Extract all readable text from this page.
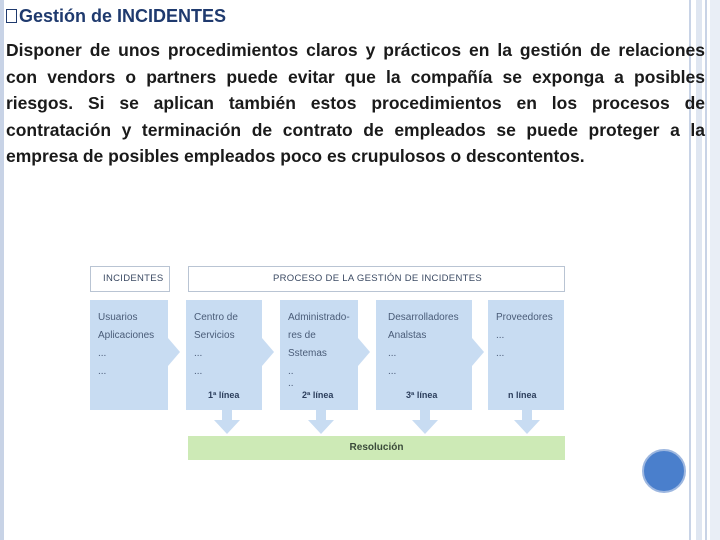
Gestión de INCIDENTES
Disponer de unos procedimientos claros y prácticos en la gestión de relaciones con vendors o partners puede evitar que la compañía se exponga a posibles riesgos. Si se aplican también estos procedimientos en los procesos de contratación y terminación de contrato de empleados se puede proteger a la empresa de posibles empleados poco es crupulosos o descontentos.
INCIDENTES	PROCESO DE LA GESTIÓN DE INCIDENTES
Usuarios
Aplicaciones
...
...
Centro de
Servicios
...
...
1ª línea
Administrado-
res de
Sstemas
..
..
2ª línea
Desarrolladores
Analstas
...
...
3ª línea
Proveedores
...
...
n línea
Resolución
